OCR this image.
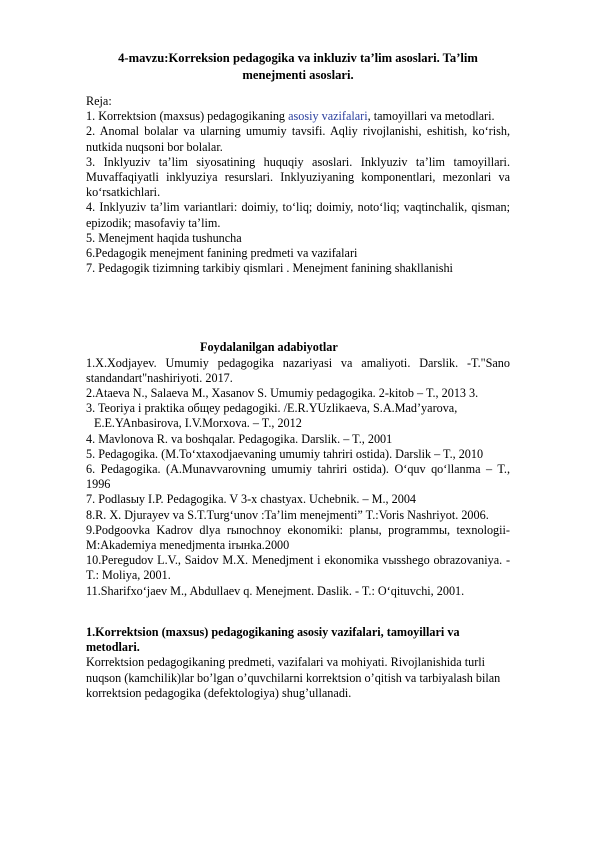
4-mavzu:Korreksion pedagogika va inkluziv ta’lim asoslari. Ta’lim menejmenti asoslari.

Reja:

1. Korrektsion (maxsus) pedagogikaning asosiy vazifalari, tamoyillari va metodlari.

2. Anomal bolalar va ularning umumiy tavsifi. Aqliy rivojlanishi, eshitish, ko‘rish, nutkida nuqsoni bor bolalar.

3. Inklyuziv ta’lim siyosatining huquqiy asoslari. Inklyuziv ta’lim tamoyillari. Muvaffaqiyatli inklyuziya resurslari. Inklyuziyaning komponentlari, mezonlari va ko‘rsatkichlari.

4. Inklyuziv ta’lim variantlari: doimiy, to‘liq; doimiy, noto‘liq; vaqtinchalik, qisman; epizodik; masofaviy ta’lim.

5. Menejment haqida tushuncha

6.Pedagogik menejment fanining predmeti va vazifalari

7. Pedagogik tizimning tarkibiy qismlari . Menejment fanining shakllanishi

Foydalanilgan adabiyotlar

1.X.Xodjayev. Umumiy pedagogika nazariyasi va amaliyoti. Darslik. -T."Sano standandart"nashiriyoti. 2017.

2.Ataeva N., Salaeva M., Xasanov S. Umumiy pedagogika. 2-kitob – T., 2013 3.

3. Teoriya i praktika общеу pedagogiki. /E.R.YUzlikaeva, S.A.Mad’yarova,

E.E.YAnbasirova, I.V.Morxova. – T., 2012

4. Mavlonova R. va boshqalar. Pedagogika. Darslik. – T., 2001

5. Pedagogika. (M.To‘xtaxodjaevaning umumiy tahriri ostida). Darslik – T., 2010

6. Pedagogika. (A.Munavvarovning umumiy tahriri ostida). O‘quv qo‘llanma – T., 1996

7. Podlasыy I.P. Pedagogika. V 3-x chastyax. Uchebnik. – M., 2004

8.R. X. Djurayev va S.T.Turg‘unov :Ta’lim menejmenti” T.:Voris Nashriyot. 2006.

9.Podgoovka Kadrov dlya rыnochnoy ekonomiki: planы, programmы, texnologii- M:Akademiya menedjmenta irынka.2000

10.Peregudov L.V., Saidov M.X. Menedjment i ekonomika vыsshego obrazovaniya. - T.: Moliya, 2001.

11.Sharifxo‘jaev M., Abdullaev q. Menejment. Daslik. - T.: O‘qituvchi, 2001.

1.Korrektsion (maxsus) pedagogikaning asosiy vazifalari, tamoyillari va metodlari.

Korrektsion pedagogikaning predmeti, vazifalari va mohiyati. Rivojlanishida turli nuqson (kamchilik)lar bo’lgan o’quvchilarni korrektsion o’qitish va tarbiyalash bilan korrektsion pedagogika (defektologiya) shug’ullanadi.
